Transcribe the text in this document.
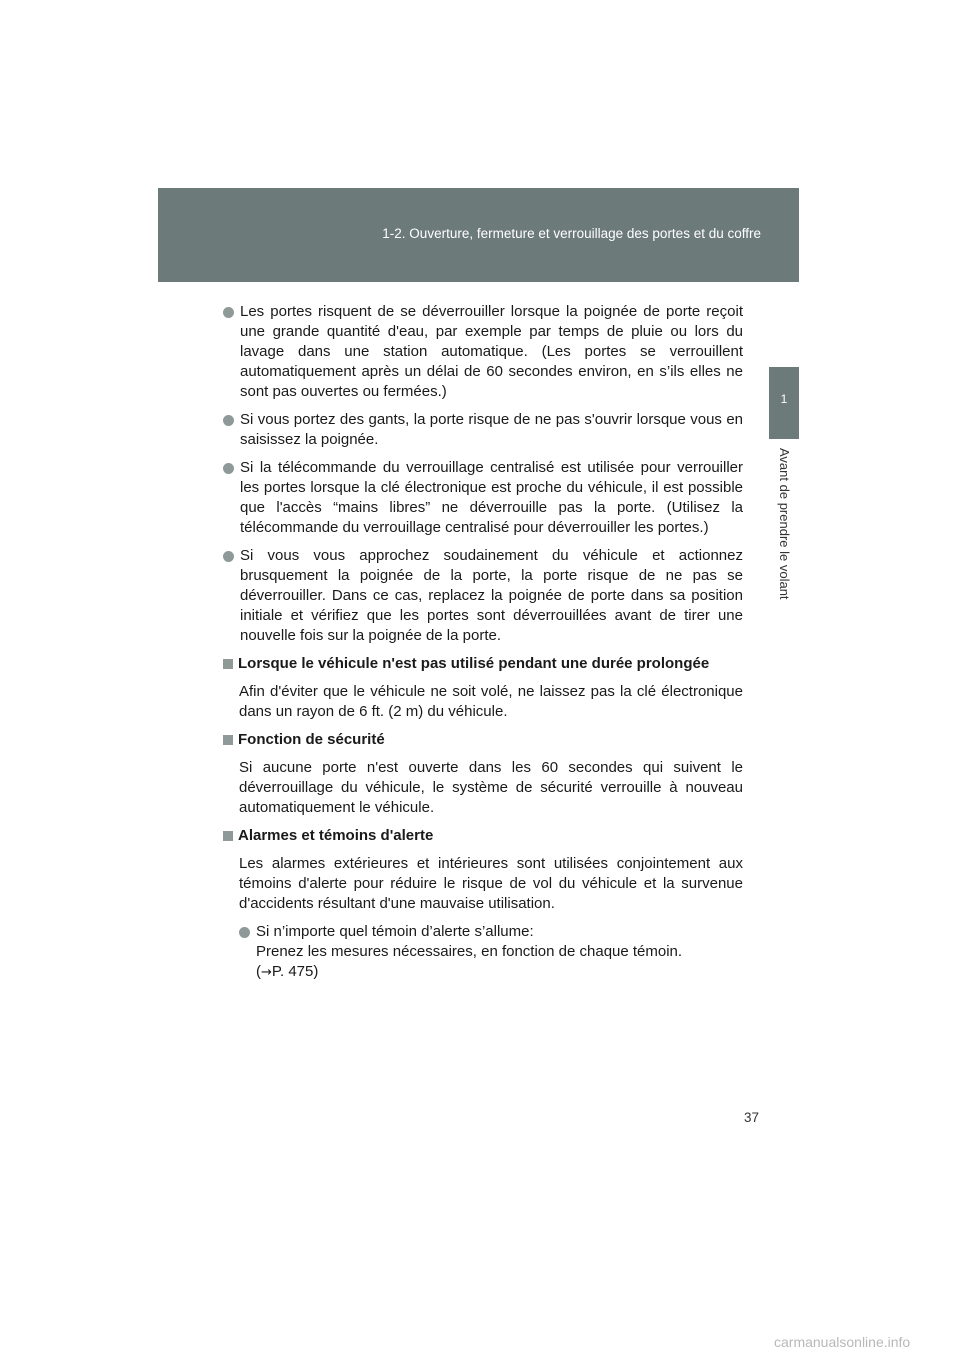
1-2. Ouverture, fermeture et verrouillage des portes et du coffre
1
Avant de prendre le volant
Les portes risquent de se déverrouiller lorsque la poignée de porte reçoit une grande quantité d'eau, par exemple par temps de pluie ou lors du lavage dans une station automatique. (Les portes se verrouillent automatiquement après un délai de 60 secondes environ, en s’ils elles ne sont pas ouvertes ou fermées.)
Si vous portez des gants, la porte risque de ne pas s'ouvrir lorsque vous en saisissez la poignée.
Si la télécommande du verrouillage centralisé est utilisée pour verrouiller les portes lorsque la clé électronique est proche du véhicule, il est possible que l'accès “mains libres” ne déverrouille pas la porte. (Utilisez la télécommande du verrouillage centralisé pour déverrouiller les portes.)
Si vous vous approchez soudainement du véhicule et actionnez brusquement la poignée de la porte, la porte risque de ne pas se déverrouiller. Dans ce cas, replacez la poignée de porte dans sa position initiale et vérifiez que les portes sont déverrouillées avant de tirer une nouvelle fois sur la poignée de la porte.
Lorsque le véhicule n'est pas utilisé pendant une durée prolongée
Afin d'éviter que le véhicule ne soit volé, ne laissez pas la clé électronique dans un rayon de 6 ft. (2 m) du véhicule.
Fonction de sécurité
Si aucune porte n'est ouverte dans les 60 secondes qui suivent le déverrouillage du véhicule, le système de sécurité verrouille à nouveau automatiquement le véhicule.
Alarmes et témoins d'alerte
Les alarmes extérieures et intérieures sont utilisées conjointement aux témoins d'alerte pour réduire le risque de vol du véhicule et la survenue d'accidents résultant d'une mauvaise utilisation.
Si n’importe quel témoin d’alerte s’allume:
Prenez les mesures nécessaires, en fonction de chaque témoin.
(→P. 475)
37
carmanualsonline.info
